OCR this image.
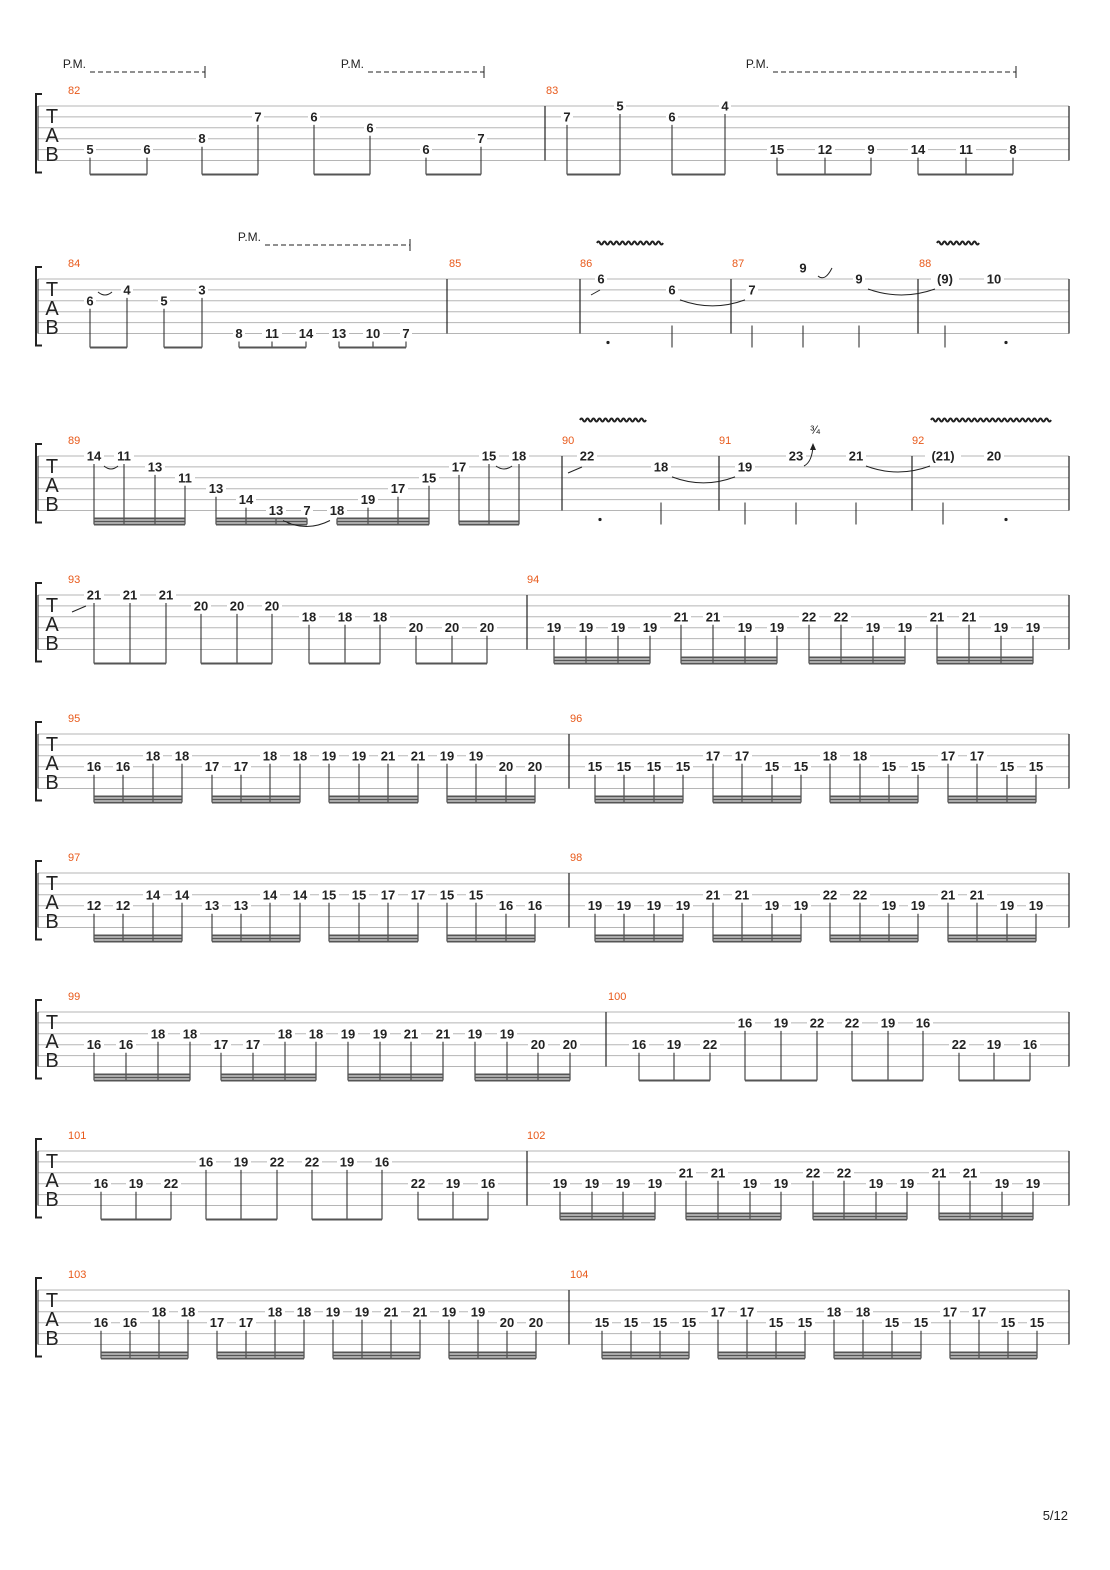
T
A
B
P.M.	P.M.	P.M.
82
5	6
8
7	6
6
6
7
83
7
5
6
4
15	12	9	14	11	8
T
A
B
P.M.
84
6
4
5
3
8 11 14 13 10 7
85	86
6
6
87
7
9
9
88
(9)	10
T
A
B
89
14 11
13
11
13
14
13 7 18
19
17
15
17
15 18
90
22
18
91
19
23	21
92
(21) 20
T
A
B
93
21 21 21
20 20 20
18 18 18
20 20 20
94
19 19 19 19
21 21
19 19
22 22
19 19
21 21
19 19
T
A
B
95
16 16
18 18
17 17
18 18 19 19 21 21 19 19
20 20
96
15 15 15 15
17 17
15 15
18 18
15 15
17 17
15 15
T
A
B
97
12 12
14 14
13 13
14 14 15 15 17 17 15 15
16 16
98
19 19 19 19
21 21
19 19
22 22
19 19
21 21
19 19
T
A
B
99
16 16
18 18
17 17
18 18 19 19 21 21 19 19
20 20
100
16 19 22
16 19 22 22 19 16
22 19 16
T
A
B
101
16 19 22
16 19 22 22 19 16
22 19 16
102
19 19 19 19
21 21
19 19
22 22
19 19
21 21
19 19
T
A
B
103
16 16
18 18
17 17
18 18 19 19 21 21 19 19
20 20
104
15 15 15 15
17 17
15 15
18 18
15 15
17 17
15 15
¾
5/12
